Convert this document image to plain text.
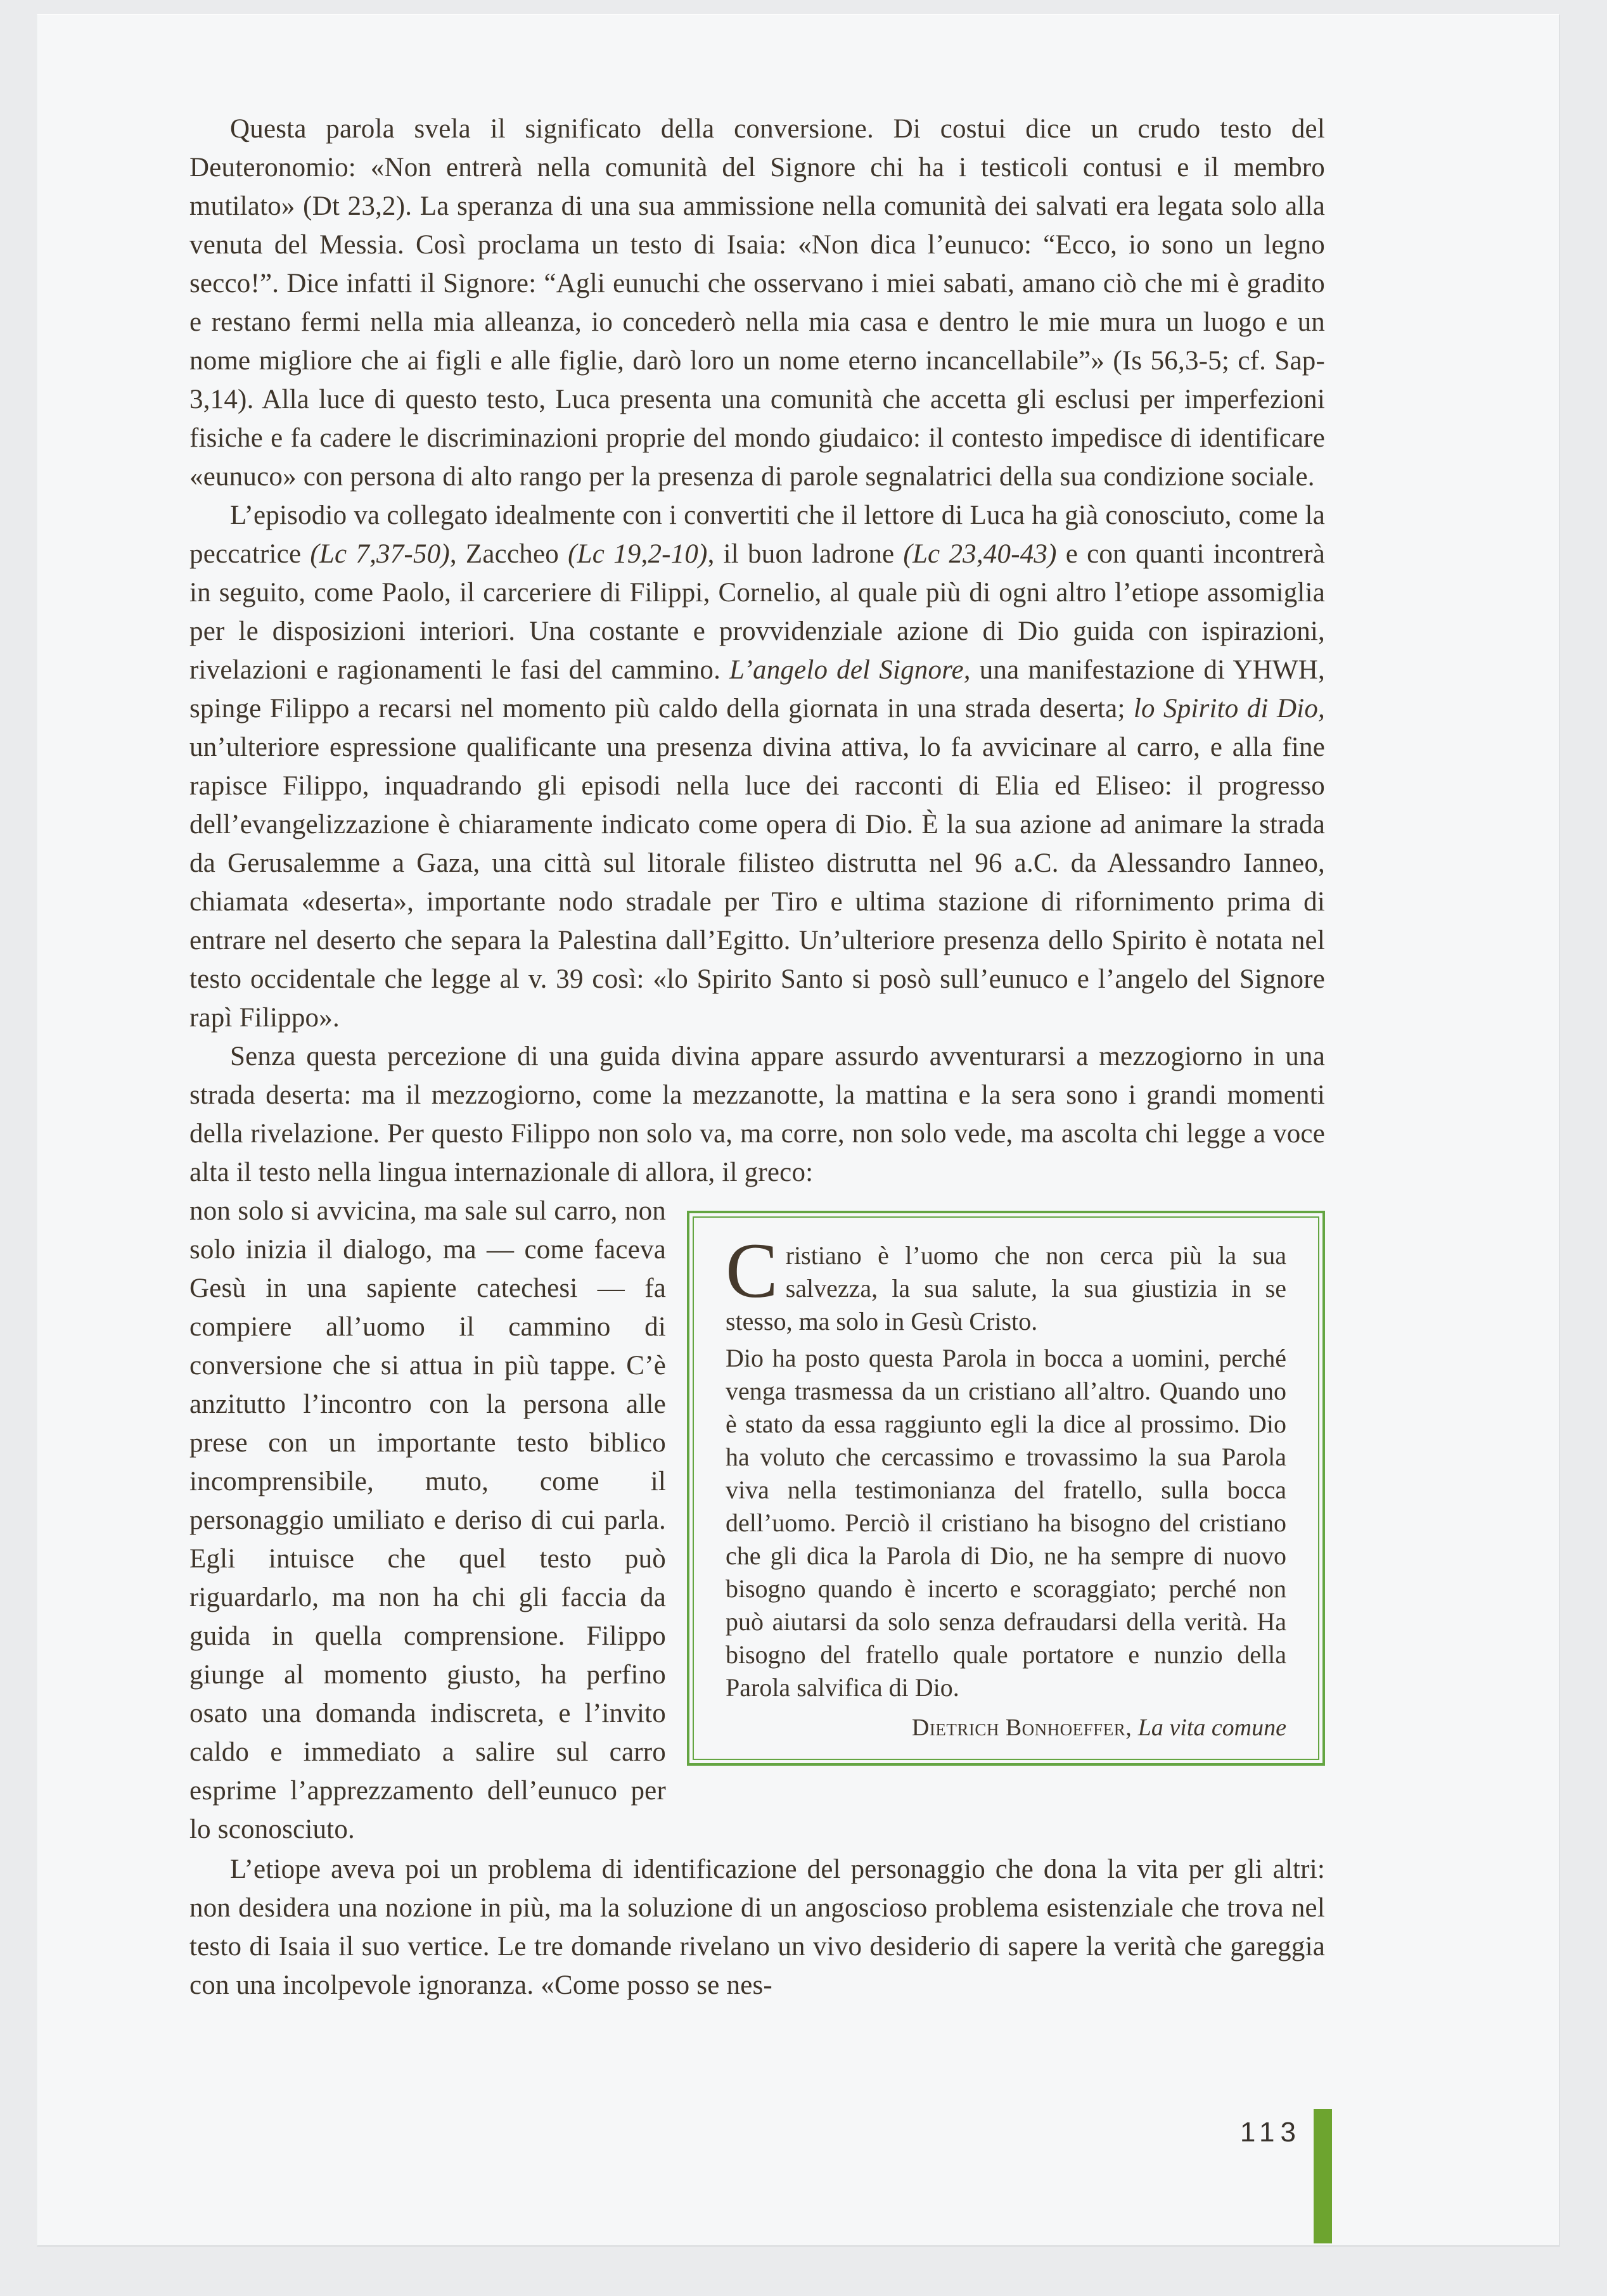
Questa parola svela il significato della conversione. Di costui dice un crudo testo del Deuteronomio: «Non entrerà nella comunità del Signore chi ha i testicoli contusi e il membro mutilato» (Dt 23,2). La speranza di una sua ammissione nella comunità dei salvati era legata solo alla venuta del Messia. Così proclama un testo di Isaia: «Non dica l’eunuco: “Ecco, io sono un legno secco!”. Dice infatti il Signore: “Agli eunuchi che osservano i miei sabati, amano ciò che mi è gradito e restano fermi nella mia alleanza, io concederò nella mia casa e dentro le mie mura un luogo e un nome migliore che ai figli e alle figlie, darò loro un nome eterno incancellabile”» (Is 56,3-5; cf. Sap-3,14). Alla luce di questo testo, Luca presenta una comunità che accetta gli esclusi per imperfezioni fisiche e fa cadere le discriminazioni proprie del mondo giudaico: il contesto impedisce di identificare «eunuco» con persona di alto rango per la presenza di parole segnalatrici della sua condizione sociale.

L’episodio va collegato idealmente con i convertiti che il lettore di Luca ha già conosciuto, come la peccatrice (Lc 7,37-50), Zaccheo (Lc 19,2-10), il buon ladrone (Lc 23,40-43) e con quanti incontrerà in seguito, come Paolo, il carceriere di Filippi, Cornelio, al quale più di ogni altro l’etiope assomiglia per le disposizioni interiori. Una costante e provvidenziale azione di Dio guida con ispirazioni, rivelazioni e ragionamenti le fasi del cammino. L’angelo del Signore, una manifestazione di YHWH, spinge Filippo a recarsi nel momento più caldo della giornata in una strada deserta; lo Spirito di Dio, un’ulteriore espressione qualificante una presenza divina attiva, lo fa avvicinare al carro, e alla fine rapisce Filippo, inquadrando gli episodi nella luce dei racconti di Elia ed Eliseo: il progresso dell’evangelizzazione è chiaramente indicato come opera di Dio. È la sua azione ad animare la strada da Gerusalemme a Gaza, una città sul litorale filisteo distrutta nel 96 a.C. da Alessandro Ianneo, chiamata «deserta», importante nodo stradale per Tiro e ultima stazione di rifornimento prima di entrare nel deserto che separa la Palestina dall’Egitto. Un’ulteriore presenza dello Spirito è notata nel testo occidentale che legge al v. 39 così: «lo Spirito Santo si posò sull’eunuco e l’angelo del Signore rapì Filippo».

Senza questa percezione di una guida divina appare assurdo avventurarsi a mezzogiorno in una strada deserta: ma il mezzogiorno, come la mezzanotte, la mattina e la sera sono i grandi momenti della rivelazione. Per questo Filippo non solo va, ma corre, non solo vede, ma ascolta chi legge a voce alta il testo nella lingua internazionale di allora, il greco:

non solo si avvicina, ma sale sul carro, non solo inizia il dialogo, ma — come faceva Gesù in una sapiente catechesi — fa compiere all’uomo il cammino di conversione che si attua in più tappe. C’è anzitutto l’incontro con la persona alle prese con un importante testo biblico incomprensibile, muto, come il personaggio umiliato e deriso di cui parla. Egli intuisce che quel testo può riguardarlo, ma non ha chi gli faccia da guida in quella comprensione. Filippo giunge al momento giusto, ha perfino osato una domanda indiscreta, e l’invito caldo e immediato a salire sul carro esprime l’apprezzamento dell’eunuco per lo sconosciuto.

Cristiano è l’uomo che non cerca più la sua salvezza, la sua salute, la sua giustizia in se stesso, ma solo in Gesù Cristo.

Dio ha posto questa Parola in bocca a uomini, perché venga trasmessa da un cristiano all’altro. Quando uno è stato da essa raggiunto egli la dice al prossimo. Dio ha voluto che cercassimo e trovassimo la sua Parola viva nella testimonianza del fratello, sulla bocca dell’uomo. Perciò il cristiano ha bisogno del cristiano che gli dica la Parola di Dio, ne ha sempre di nuovo bisogno quando è incerto e scoraggiato; perché non può aiutarsi da solo senza defraudarsi della verità. Ha bisogno del fratello quale portatore e nunzio della Parola salvifica di Dio.

Dietrich Bonhoeffer, La vita comune

L’etiope aveva poi un problema di identificazione del personaggio che dona la vita per gli altri: non desidera una nozione in più, ma la soluzione di un angoscioso problema esistenziale che trova nel testo di Isaia il suo vertice. Le tre domande rivelano un vivo desiderio di sapere la verità che gareggia con una incolpevole ignoranza. «Come posso se nes-

113
